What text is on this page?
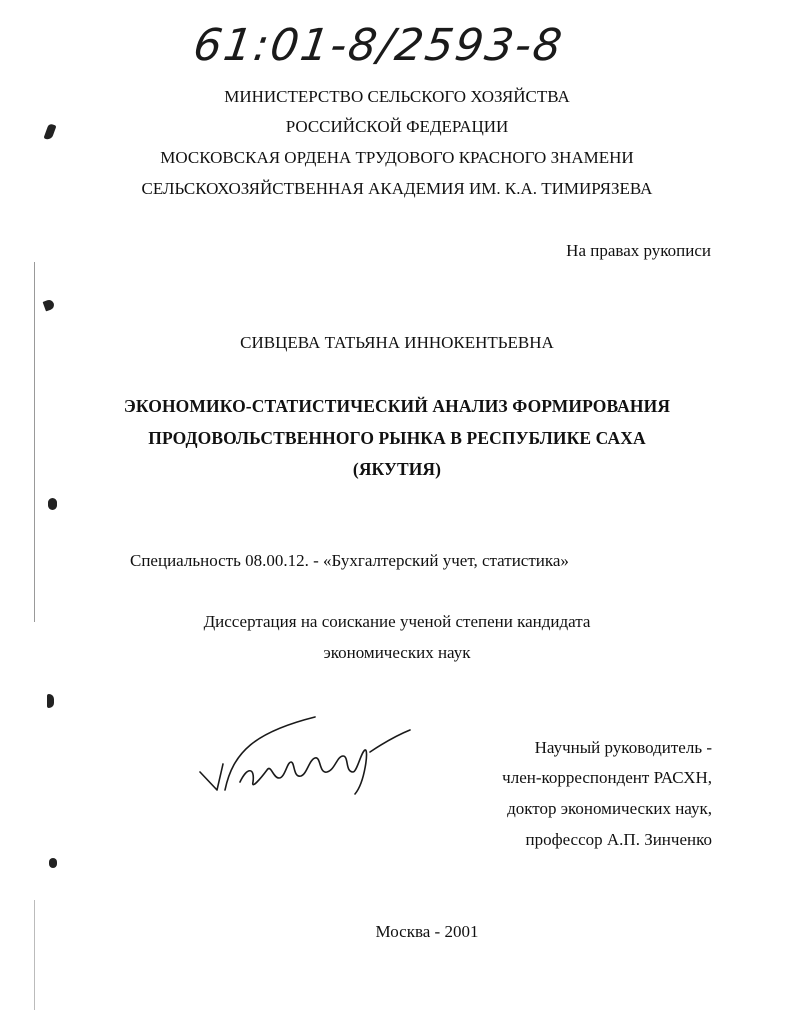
61:01-8/2593-8
МИНИСТЕРСТВО СЕЛЬСКОГО ХОЗЯЙСТВА
РОССИЙСКОЙ ФЕДЕРАЦИИ
МОСКОВСКАЯ ОРДЕНА ТРУДОВОГО КРАСНОГО ЗНАМЕНИ
СЕЛЬСКОХОЗЯЙСТВЕННАЯ АКАДЕМИЯ ИМ. К.А. ТИМИРЯЗЕВА
На правах рукописи
СИВЦЕВА ТАТЬЯНА ИННОКЕНТЬЕВНА
ЭКОНОМИКО-СТАТИСТИЧЕСКИЙ АНАЛИЗ ФОРМИРОВАНИЯ
ПРОДОВОЛЬСТВЕННОГО РЫНКА В РЕСПУБЛИКЕ САХА
(ЯКУТИЯ)
Специальность 08.00.12. - «Бухгалтерский учет, статистика»
Диссертация на соискание ученой степени кандидата
экономических наук
Научный руководитель -
член-корреспондент РАСХН,
доктор экономических наук,
профессор А.П. Зинченко
Москва - 2001
